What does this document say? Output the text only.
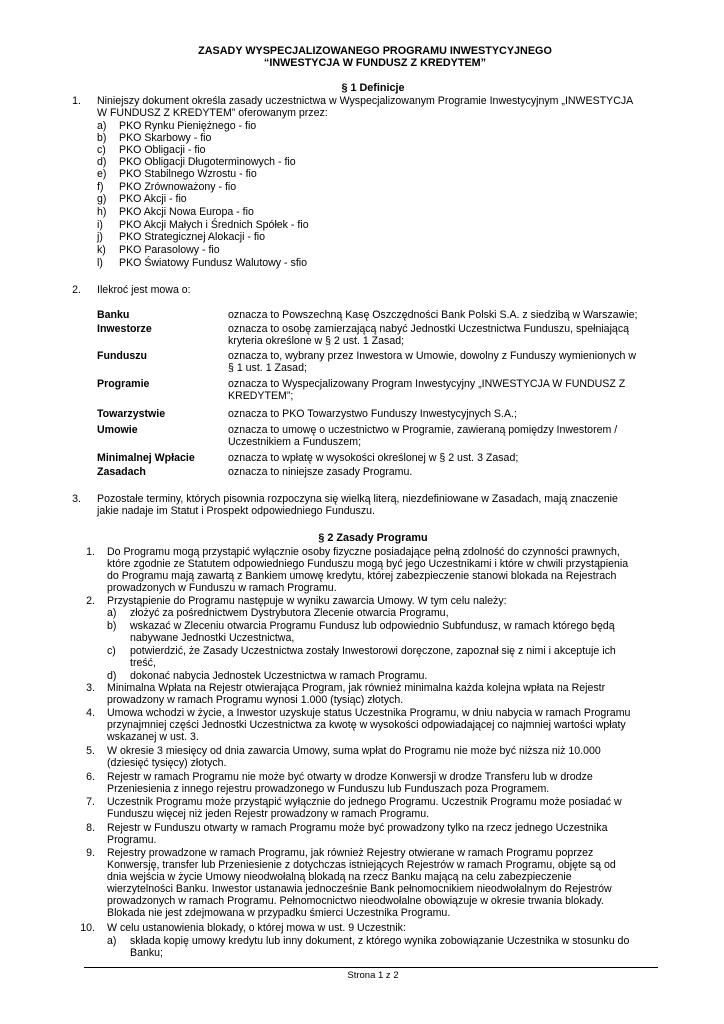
ZASADY WYSPECJALIZOWANEGO PROGRAMU INWESTYCYJNEGO
“INWESTYCJA W FUNDUSZ Z KREDYTEM”
§ 1 Definicje
1. Niniejszy dokument określa zasady uczestnictwa w Wyspecjalizowanym Programie Inwestycyjnym „INWESTYCJA
W FUNDUSZ Z KREDYTEM” oferowanym przez:
a) PKO Rynku Pieniężnego - fio
b) PKO Skarbowy - fio
c) PKO Obligacji - fio
d) PKO Obligacji Długoterminowych - fio
e) PKO Stabilnego Wzrostu - fio
f) PKO Zrównoważony - fio
g) PKO Akcji - fio
h) PKO Akcji Nowa Europa - fio
i) PKO Akcji Małych i Średnich Spółek - fio
j) PKO Strategicznej Alokacji - fio
k) PKO Parasolowy - fio
l) PKO Światowy Fundusz Walutowy - sfio
2. Ilekroć jest mowa o:
Banku	oznacza to Powszechną Kasę Oszczędności Bank Polski S.A. z siedzibą w Warszawie;
Inwestorze	oznacza to osobę zamierzającą nabyć Jednostki Uczestnictwa Funduszu, spełniającą
kryteria określone w § 2 ust. 1 Zasad;
Funduszu	oznacza to, wybrany przez Inwestora w Umowie, dowolny z Funduszy wymienionych w
§ 1 ust. 1 Zasad;
Programie	oznacza to Wyspecjalizowany Program Inwestycyjny „INWESTYCJA W FUNDUSZ Z
KREDYTEM”;
Towarzystwie	oznacza to PKO Towarzystwo Funduszy Inwestycyjnych S.A.;
Umowie	oznacza to umowę o uczestnictwo w Programie, zawieraną pomiędzy Inwestorem /
Uczestnikiem a Funduszem;
Minimalnej Wpłacie	oznacza to wpłatę w wysokości określonej w § 2 ust. 3 Zasad;
Zasadach	oznacza to niniejsze zasady Programu.
3. Pozostałe terminy, których pisownia rozpoczyna się wielką literą, niezdefiniowane w Zasadach, mają znaczenie
jakie nadaje im Statut i Prospekt odpowiedniego Funduszu.
§ 2 Zasady Programu
1. Do Programu mogą przystąpić wyłącznie osoby fizyczne posiadające pełną zdolność do czynności prawnych,
które zgodnie ze Statutem odpowiedniego Funduszu mogą być jego Uczestnikami i które w chwili przystąpienia
do Programu mają zawartą z Bankiem umowę kredytu, której zabezpieczenie stanowi blokada na Rejestrach
prowadzonych w Funduszu w ramach Programu.
2. Przystąpienie do Programu następuje w wyniku zawarcia Umowy. W tym celu należy:
a) złożyć za pośrednictwem Dystrybutora Zlecenie otwarcia Programu,
b) wskazać w Zleceniu otwarcia Programu Fundusz lub odpowiednio Subfundusz, w ramach którego będą
nabywane Jednostki Uczestnictwa,
c) potwierdzić, że Zasady Uczestnictwa zostały Inwestorowi doręczone, zapoznał się z nimi i akceptuje ich
treść,
d) dokonać nabycia Jednostek Uczestnictwa w ramach Programu.
3. Minimalna Wpłata na Rejestr otwierająca Program, jak również minimalna każda kolejna wpłata na Rejestr
prowadzony w ramach Programu wynosi 1.000 (tysiąc) złotych.
4. Umowa wchodzi w życie, a Inwestor uzyskuje status Uczestnika Programu, w dniu nabycia w ramach Programu
przynajmniej części Jednostki Uczestnictwa za kwotę w wysokości odpowiadającej co najmniej wartości wpłaty
wskazanej w ust. 3.
5. W okresie 3 miesięcy od dnia zawarcia Umowy, suma wpłat do Programu nie może być niższa niż 10.000
(dziesięć tysięcy) złotych.
6. Rejestr w ramach Programu nie może być otwarty w drodze Konwersji w drodze Transferu lub w drodze
Przeniesienia z innego rejestru prowadzonego w Funduszu lub Funduszach poza Programem.
7. Uczestnik Programu może przystąpić wyłącznie do jednego Programu. Uczestnik Programu może posiadać w
Funduszu więcej niż jeden Rejestr prowadzony w ramach Programu.
8. Rejestr w Funduszu otwarty w ramach Programu może być prowadzony tylko na rzecz jednego Uczestnika
Programu.
9. Rejestry prowadzone w ramach Programu, jak również Rejestry otwierane w ramach Programu poprzez
Konwersję, transfer lub Przeniesienie z dotychczas istniejących Rejestrów w ramach Programu, objęte są od
dnia wejścia w życie Umowy nieodwołalną blokadą na rzecz Banku mającą na celu zabezpieczenie
wierzytelności Banku. Inwestor ustanawia jednocześnie Bank pełnomocnikiem nieodwołalnym do Rejestrów
prowadzonych w ramach Programu. Pełnomocnictwo nieodwołalne obowiązuje w okresie trwania blokady.
Blokada nie jest zdejmowana w przypadku śmierci Uczestnika Programu.
10. W celu ustanowienia blokady, o której mowa w ust. 9 Uczestnik:
a) składa kopię umowy kredytu lub inny dokument, z którego wynika zobowiązanie Uczestnika w stosunku do
Banku;
Strona 1 z 2
